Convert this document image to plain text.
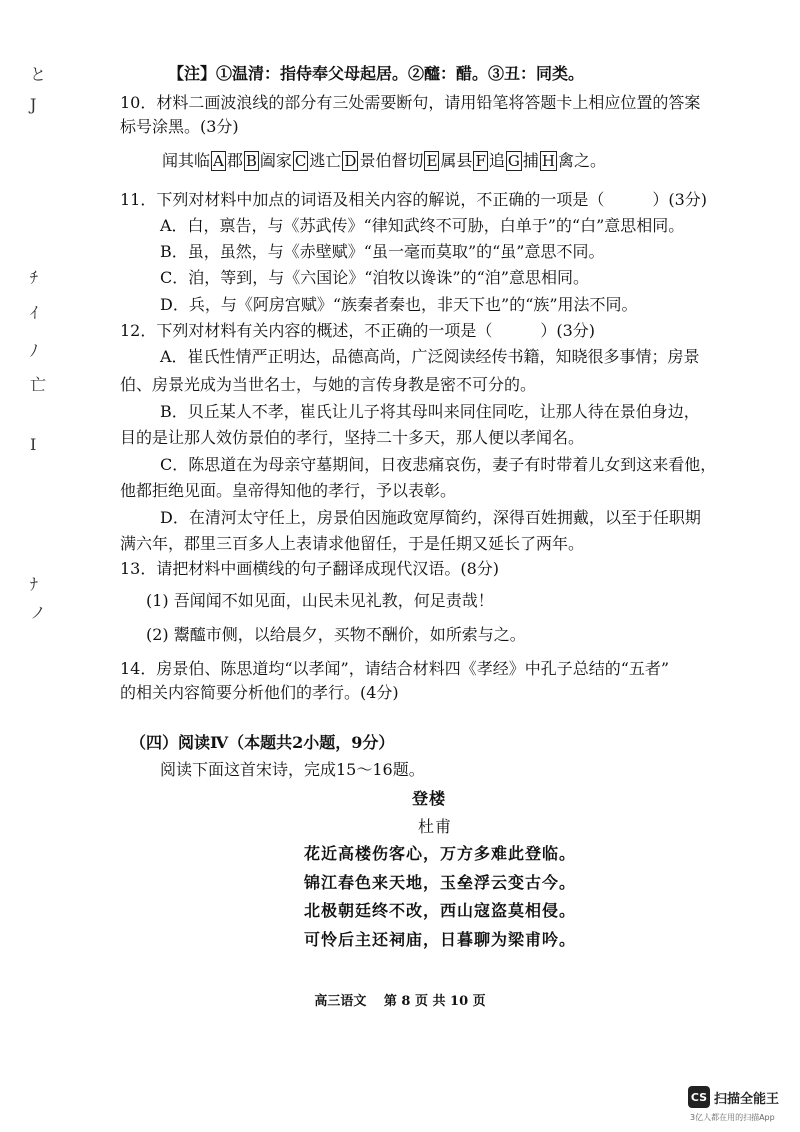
と
J
ﾁ
ｲ
ﾉ
亡
I
ﾅ
ノ
【注】①温清：指侍奉父母起居。②醯：醋。③丑：同类。
10．材料二画波浪线的部分有三处需要断句，请用铅笔将答题卡上相应位置的答案
标号涂黑。(3分)
闻其临 A 郡 B 阖家 C 逃亡 D 景伯督切 E 属县 F 追 G 捕 H 禽之。
11．下列对材料中加点的词语及相关内容的解说，不正确的一项是（　　　）(3分)
A．白，禀告，与《苏武传》“律知武终不可胁，白单于”的“白”意思相同。
B．虽，虽然，与《赤壁赋》“虽一毫而莫取”的“虽”意思不同。
C．洎，等到，与《六国论》“洎牧以谗诛”的“洎”意思相同。
D．兵，与《阿房宫赋》“族秦者秦也，非天下也”的“族”用法不同。
12．下列对材料有关内容的概述，不正确的一项是（　　　）(3分)
A．崔氏性情严正明达，品德高尚，广泛阅读经传书籍，知晓很多事情；房景
伯、房景光成为当世名士，与她的言传身教是密不可分的。
B．贝丘某人不孝，崔氏让儿子将其母叫来同住同吃，让那人待在景伯身边，
目的是让那人效仿景伯的孝行，坚持二十多天，那人便以孝闻名。
C．陈思道在为母亲守墓期间，日夜悲痛哀伤，妻子有时带着儿女到这来看他，
他都拒绝见面。皇帝得知他的孝行，予以表彰。
D．在清河太守任上，房景伯因施政宽厚简约，深得百姓拥戴，以至于任职期
满六年，郡里三百多人上表请求他留任，于是任期又延长了两年。
13．请把材料中画横线的句子翻译成现代汉语。(8分)
(1) 吾闻闻不如见面，山民未见礼教，何足责哉！
(2) 鬻醯市侧，以给晨夕，买物不酬价，如所索与之。
14．房景伯、陈思道均“以孝闻”，请结合材料四《孝经》中孔子总结的“五者”
的相关内容简要分析他们的孝行。(4分)
（四）阅读Ⅳ（本题共2小题，9分）
阅读下面这首宋诗，完成15～16题。
登楼
杜甫
花近高楼伤客心，万方多难此登临。
锦江春色来天地，玉垒浮云变古今。
北极朝廷终不改，西山寇盗莫相侵。
可怜后主还祠庙，日暮聊为梁甫吟。
高三语文　 第 8 页 共 10 页
CS 扫描全能王
3亿人都在用的扫描App
